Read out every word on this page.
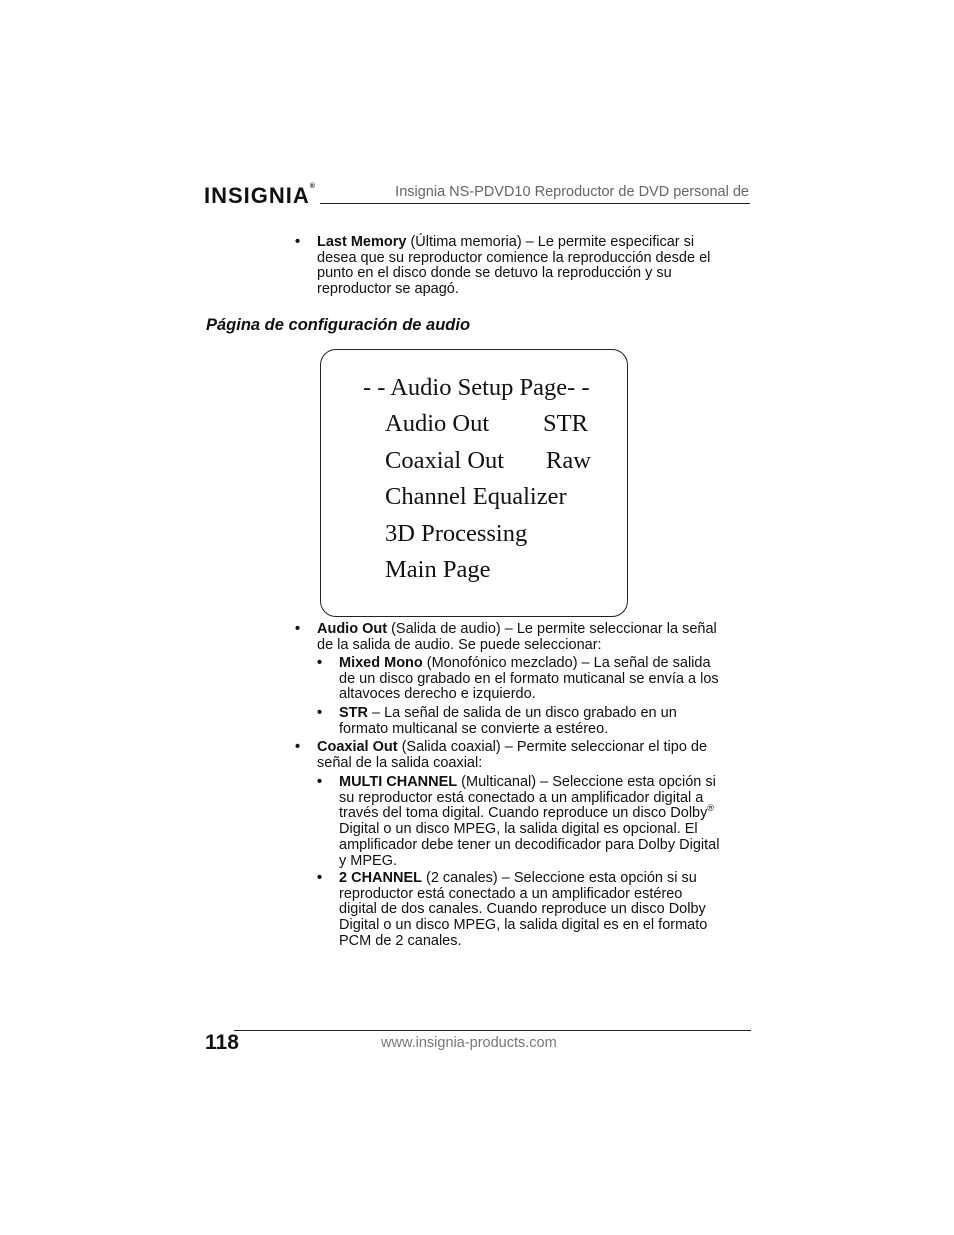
INSIGNIA®	Insignia NS-PDVD10 Reproductor de DVD personal de
• Last Memory (Última memoria) – Le permite especificar si
desea que su reproductor comience la reproducción desde el
punto en el disco donde se detuvo la reproducción y su
reproductor se apagó.
Página de configuración de audio
- - Audio Setup Page- -
Audio Out STR
Coaxial Out Raw
Channel Equalizer
3D Processing
Main Page
• Audio Out (Salida de audio) – Le permite seleccionar la señal
de la salida de audio. Se puede seleccionar:
• Mixed Mono (Monofónico mezclado) – La señal de salida
de un disco grabado en el formato muticanal se envía a los
altavoces derecho e izquierdo.
• STR – La señal de salida de un disco grabado en un
formato multicanal se convierte a estéreo.
• Coaxial Out (Salida coaxial) – Permite seleccionar el tipo de
señal de la salida coaxial:
• MULTI CHANNEL (Multicanal) – Seleccione esta opción si
su reproductor está conectado a un amplificador digital a
través del toma digital. Cuando reproduce un disco Dolby®
Digital o un disco MPEG, la salida digital es opcional. El
amplificador debe tener un decodificador para Dolby Digital
y MPEG.
• 2 CHANNEL (2 canales) – Seleccione esta opción si su
reproductor está conectado a un amplificador estéreo
digital de dos canales. Cuando reproduce un disco Dolby
Digital o un disco MPEG, la salida digital es en el formato
PCM de 2 canales.
118	www.insignia-products.com
